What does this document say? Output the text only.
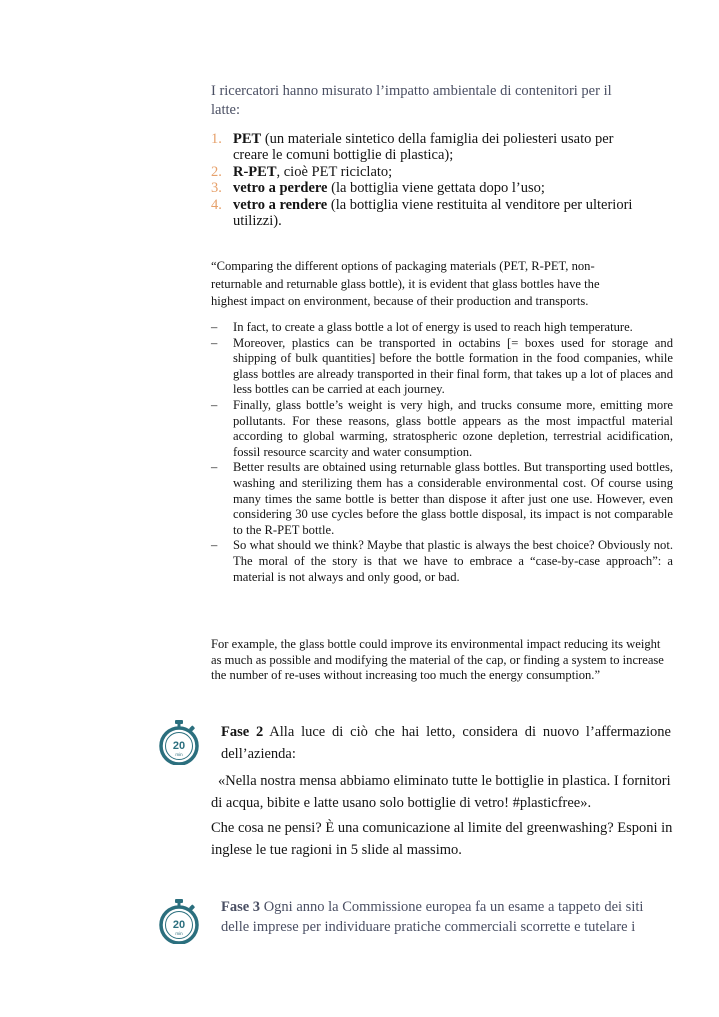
I ricercatori hanno misurato l’impatto ambientale di contenitori per il latte:

1. PET (un materiale sintetico della famiglia dei poliesteri usato per creare le comuni bottiglie di plastica);
2. R-PET, cioè PET riciclato;
3. vetro a perdere (la bottiglia viene gettata dopo l’uso;
4. vetro a rendere (la bottiglia viene restituita al venditore per ulteriori utilizzi).

“Comparing the different options of packaging materials (PET, R-PET, non-returnable and returnable glass bottle), it is evident that glass bottles have the highest impact on environment, because of their production and transports.

– In fact, to create a glass bottle a lot of energy is used to reach high temperature.
– Moreover, plastics can be transported in octabins [= boxes used for storage and shipping of bulk quantities] before the bottle formation in the food companies, while glass bottles are already transported in their final form, that takes up a lot of places and less bottles can be carried at each journey.
– Finally, glass bottle’s weight is very high, and trucks consume more, emitting more pollutants. For these reasons, glass bottle appears as the most impactful material according to global warming, stratospheric ozone depletion, terrestrial acidification, fossil resource scarcity and water consumption.
– Better results are obtained using returnable glass bottles. But transporting used bottles, washing and sterilizing them has a considerable environmental cost. Of course using many times the same bottle is better than dispose it after just one use. However, even considering 30 use cycles before the glass bottle disposal, its impact is not comparable to the R-PET bottle.
– So what should we think? Maybe that plastic is always the best choice? Obviously not. The moral of the story is that we have to embrace a “case-by-case approach”: a material is not always and only good, or bad.

For example, the glass bottle could improve its environmental impact reducing its weight as much as possible and modifying the material of the cap, or finding a system to increase the number of re-uses without increasing too much the energy consumption.”

20
min

Fase 2 Alla luce di ciò che hai letto, considera di nuovo l’affermazione dell’azienda:

«Nella nostra mensa abbiamo eliminato tutte le bottiglie in plastica. I fornitori di acqua, bibite e latte usano solo bottiglie di vetro! #plasticfree».

Che cosa ne pensi? È una comunicazione al limite del greenwashing? Esponi in inglese le tue ragioni in 5 slide al massimo.

20
min

Fase 3 Ogni anno la Commissione europea fa un esame a tappeto dei siti delle imprese per individuare pratiche commerciali scorrette e tutelare i
